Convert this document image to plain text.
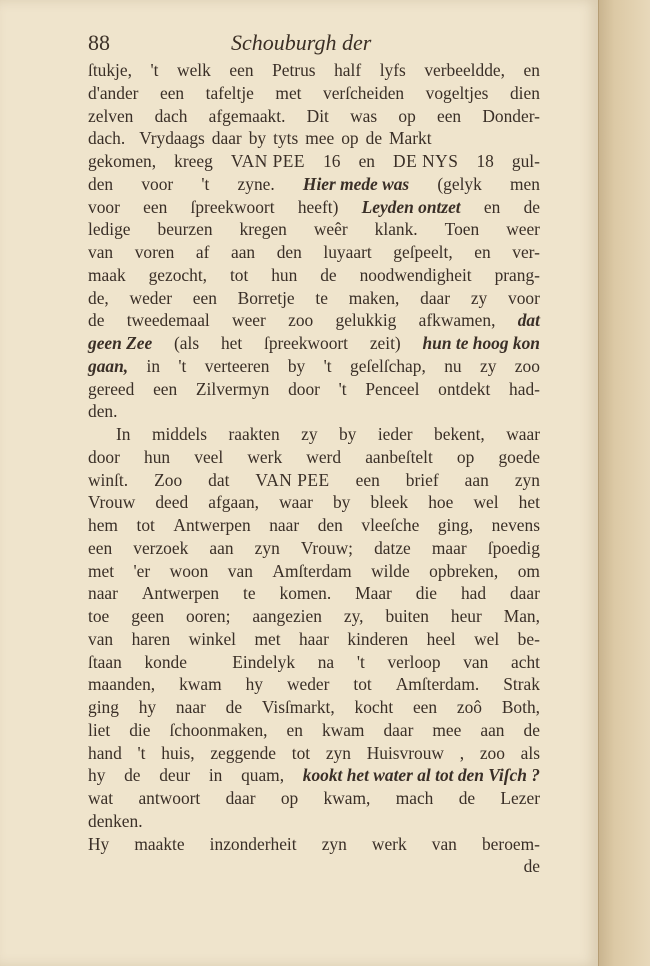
88	Schouburgh der
ſtukje, 't welk een Petrus half lyfs verbeeldde, en
d'ander een tafeltje met verſcheiden vogeltjes dien
zelven dach afgemaakt. Dit was op een Donder-
dach. Vrydaags daar by tyts mee op de Markt
gekomen, kreeg VAN PEE 16 en DE NYS 18 gul-
den voor 't zyne. Hier mede was (gelyk men
voor een ſpreekwoort heeft) Leyden ontzet en de
ledige beurzen kregen weêr klank. Toen weer
van voren af aan den luyaart geſpeelt, en ver-
maak gezocht, tot hun de noodwendigheit prang-
de, weder een Borretje te maken, daar zy voor
de tweedemaal weer zoo gelukkig afkwamen, dat
geen Zee (als het ſpreekwoort zeit) hun te hoog kon
gaan, in 't verteeren by 't geſelſchap, nu zy zoo
gereed een Zilvermyn door 't Penceel ontdekt had-
den.
In middels raakten zy by ieder bekent, waar
door hun veel werk werd aanbeſtelt op goede
winſt. Zoo dat VAN PEE een brief aan zyn
Vrouw deed afgaan, waar by bleek hoe wel het
hem tot Antwerpen naar den vleeſche ging, nevens
een verzoek aan zyn Vrouw; datze maar ſpoedig
met 'er woon van Amſterdam wilde opbreken, om
naar Antwerpen te komen. Maar die had daar
toe geen ooren; aangezien zy, buiten heur Man,
van haren winkel met haar kinderen heel wel be-
ſtaan konde	Eindelyk na 't verloop van acht
maanden, kwam hy weder tot Amſterdam. Strak
ging hy naar de Visſmarkt, kocht een zoô Both,
liet die ſchoonmaken, en kwam daar mee aan de
hand 't huis, zeggende tot zyn Huisvrouw , zoo als
hy de deur in quam, kookt het water al tot den Viſch ?
wat antwoort daar op kwam, mach de Lezer
denken.
Hy maakte inzonderheit zyn werk van beroem-
de
